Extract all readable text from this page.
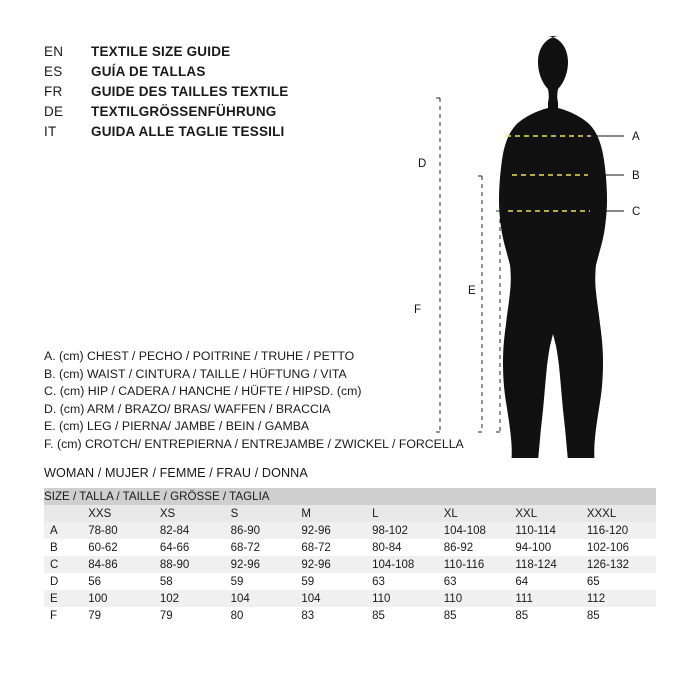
EN	TEXTILE SIZE GUIDE
ES	GUÍA DE TALLAS
FR	GUIDE DES TAILLES TEXTILE
DE	TEXTILGRÖSSENFÜHRUNG
IT	GUIDA ALLE TAGLIE TESSILI	A
B
C
D
F
E
A. (cm) CHEST / PECHO / POITRINE / TRUHE / PETTO
B. (cm) WAIST / CINTURA / TAILLE / HÜFTUNG / VITA
C. (cm) HIP / CADERA / HANCHE / HÜFTE / HIPSD. (cm)
D. (cm) ARM / BRAZO/ BRAS/ WAFFEN / BRACCIA
E. (cm) LEG / PIERNA/ JAMBE / BEIN / GAMBA
F. (cm) CROTCH/ ENTREPIERNA / ENTREJAMBE / ZWICKEL / FORCELLA
WOMAN / MUJER / FEMME / FRAU / DONNA
SIZE / TALLA / TAILLE / GRÖSSE / TAGLIA								
	XXS	XS	S	M	L	XL	XXL	XXXL
A	78-80	82-84	86-90	92-96	98-102	104-108	110-114	116-120
B	60-62	64-66	68-72	68-72	80-84	86-92	94-100	102-106
C	84-86	88-90	92-96	92-96	104-108	110-116	118-124	126-132
D	56	58	59	59	63	63	64	65
E	100	102	104	104	110	110	111	112
F	79	79	80	83	85	85	85	85
